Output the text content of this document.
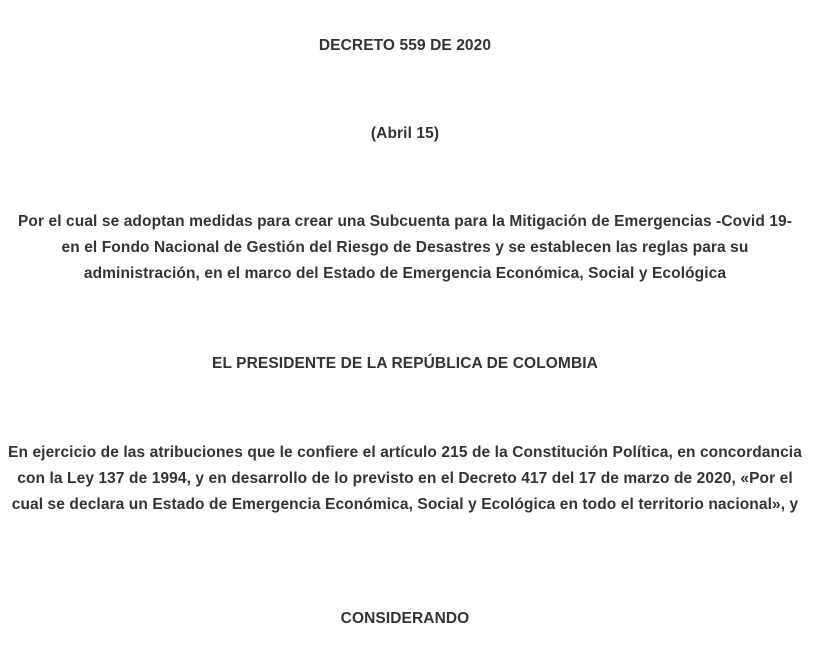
DECRETO 559 DE 2020
(Abril 15)
Por el cual se adoptan medidas para crear una Subcuenta para la Mitigación de Emergencias -Covid 19- en el Fondo Nacional de Gestión del Riesgo de Desastres y se establecen las reglas para su administración, en el marco del Estado de Emergencia Económica, Social y Ecológica
EL PRESIDENTE DE LA REPÚBLICA DE COLOMBIA
En ejercicio de las atribuciones que le confiere el artículo 215 de la Constitución Política, en concordancia con la Ley 137 de 1994, y en desarrollo de lo previsto en el Decreto 417 del 17 de marzo de 2020, «Por el cual se declara un Estado de Emergencia Económica, Social y Ecológica en todo el territorio nacional», y
CONSIDERANDO
